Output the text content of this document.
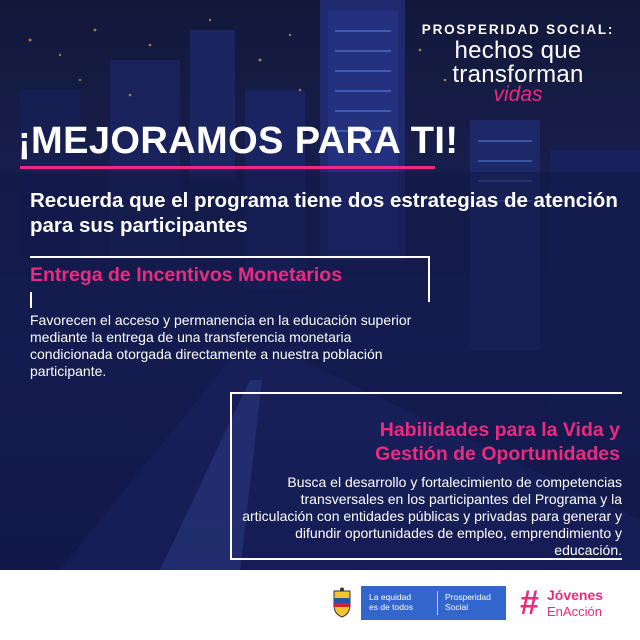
PROSPERIDAD SOCIAL:
hechos que
transforman
vidas
¡MEJORAMOS PARA TI!
Recuerda que el programa tiene dos estrategias de atención para sus participantes
Entrega de Incentivos Monetarios
Favorecen el acceso y permanencia en la educación superior mediante la entrega de una transferencia monetaria condicionada otorgada directamente a nuestra población participante.
Habilidades para la Vida y
Gestión de Oportunidades
Busca el desarrollo y fortalecimiento de competencias transversales en los participantes del Programa y la articulación con entidades públicas y privadas para generar y difundir oportunidades de empleo, emprendimiento y educación.
La equidad
es de todos
Prosperidad
Social	# Jóvenes
EnAcción
